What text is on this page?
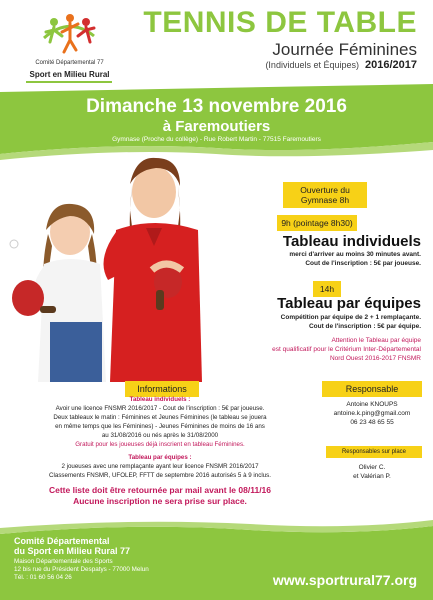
Comité Départemental 77
Sport en Milieu Rural
TENNIS DE TABLE
Journée Féminines
(Individuels et Équipes) 2016/2017
Dimanche 13 novembre 2016
à Faremoutiers
Gymnase (Proche du collège) - Rue Robert Martin - 77515 Faremoutiers
Ouverture du Gymnase 8h
9h (pointage 8h30)
Tableau individuels
merci d'arriver au moins 30 minutes avant.
Cout de l'inscription : 5€ par joueuse.
14h
Tableau par équipes
Compétition par équipe de 2 + 1 remplaçante.
Cout de l'inscription : 5€ par équipe.
Attention le Tableau par équipe
est qualificatif pour le Critérium Inter-Départemental
Nord Ouest 2016-2017 FNSMR
Informations
Tableau individuels :
Avoir une licence FNSMR 2016/2017 - Cout de l'inscription : 5€ par joueuse.
Deux tableaux le matin : Féminines et Jeunes Féminines (le tableau se jouera
en même temps que les Féminines) - Jeunes Féminines de moins de 16 ans
au 31/08/2016 ou nés après le 31/08/2000
Gratuit pour les joueuses déjà inscrient en tableau Féminines.
Tableau par équipes :
2 joueuses avec une remplaçante ayant leur licence FNSMR 2016/2017
Classements FNSMR, UFOLEP, FFTT de septembre 2016 autorisés 5 à 9 inclus.
Cette liste doit être retournée par mail avant le 08/11/16
Aucune inscription ne sera prise sur place.
Responsable
Antoine KNOUPS
antoine.k.ping@gmail.com
06 23 48 65 55
Responsables sur place
Olivier C.
et Valérian P.
Comité Départemental
du Sport en Milieu Rural 77
Maison Départementale des Sports
12 bis rue du Président Despatys - 77000 Melun
Tél. : 01 60 56 04 26	www.sportrural77.org
